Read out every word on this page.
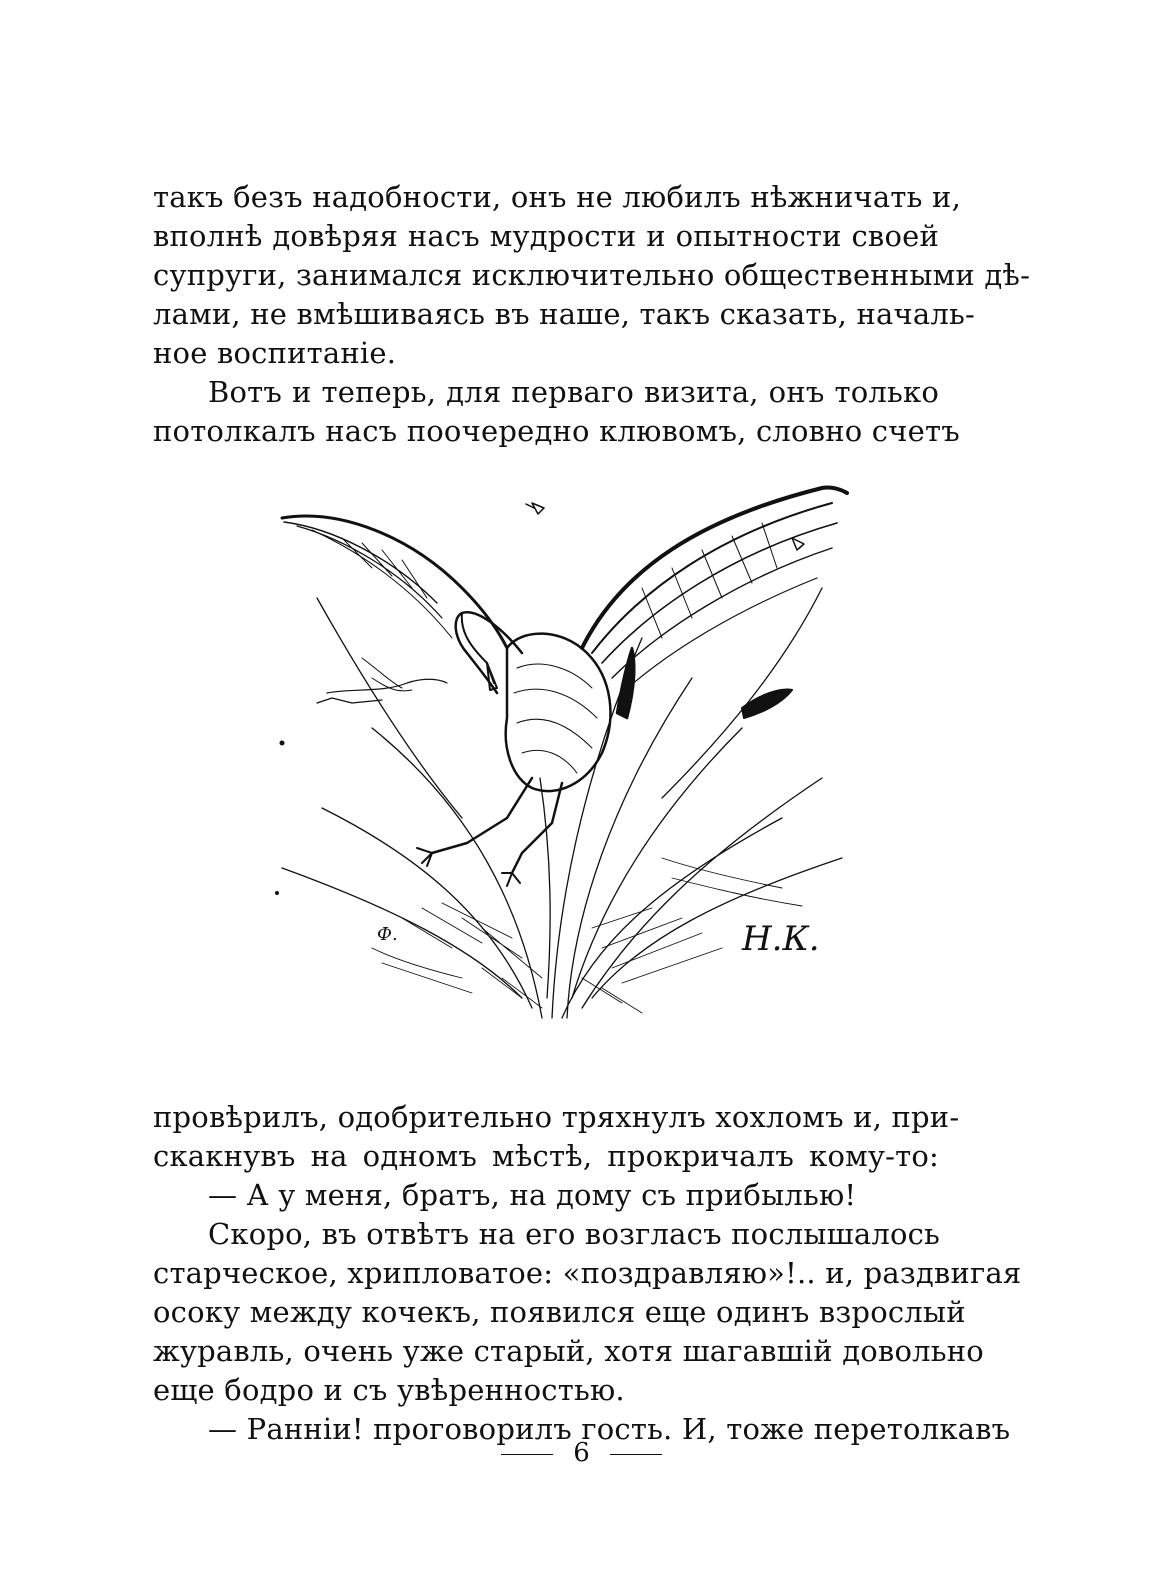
такъ безъ надобности, онъ не любилъ нѣжничать и,
вполнѣ довѣряя насъ мудрости и опытности своей
супруги, занимался исключительно общественными дѣ-
лами, не вмѣшиваясь въ наше, такъ сказать, началь-
ное воспитаніе.
Вотъ и теперь, для перваго визита, онъ только
потолкалъ насъ поочередно клювомъ, словно счетъ
Ф.	Н.К.
провѣрилъ, одобрительно тряхнулъ хохломъ и, при-
скакнувъ на одномъ мѣстѣ, прокричалъ кому-то:
— А у меня, братъ, на дому съ прибылью!
Скоро, въ отвѣтъ на его возгласъ послышалось
старческое, хрипловатое: «поздравляю»!.. и, раздвигая
осоку между кочекъ, появился еще одинъ взрослый
журавль, очень уже старый, хотя шагавшій довольно
еще бодро и съ увѣренностью.
— Ранніи! проговорилъ гость. И, тоже перетолкавъ
6
